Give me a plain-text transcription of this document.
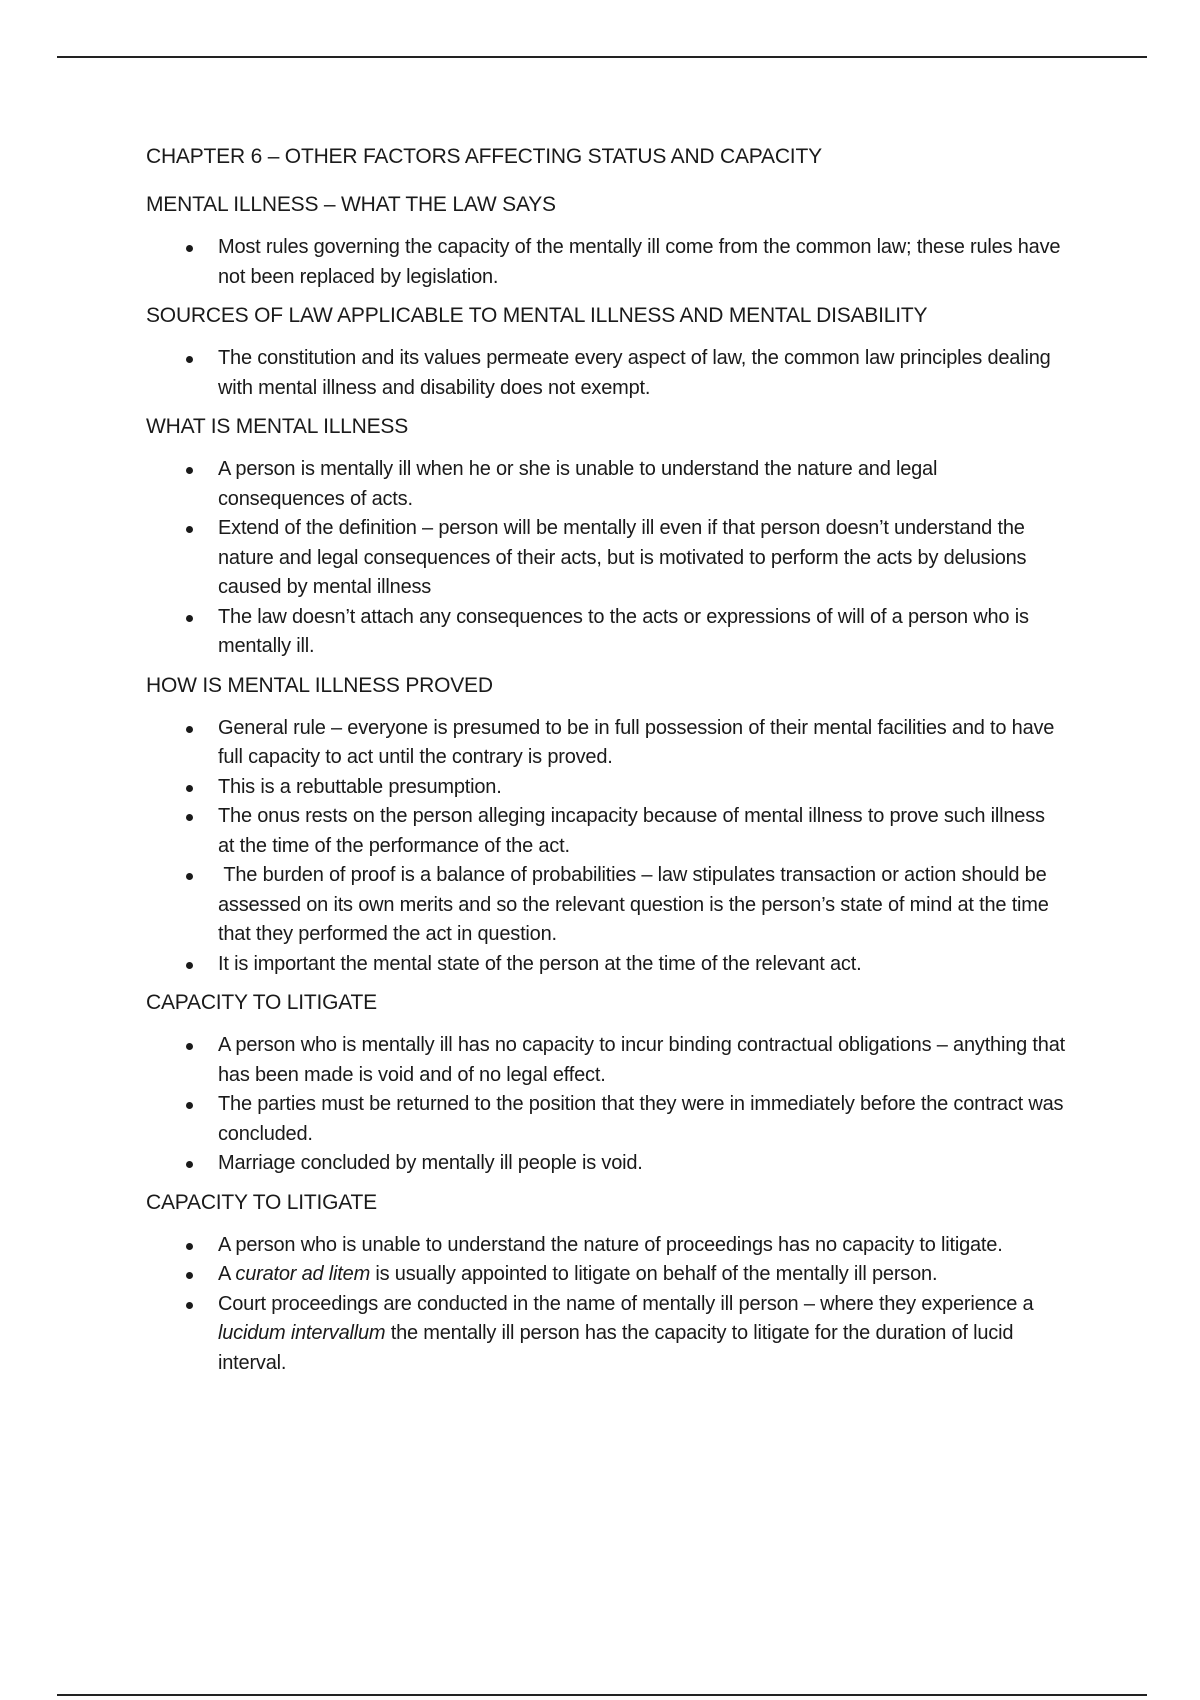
CHAPTER 6 – OTHER FACTORS AFFECTING STATUS AND CAPACITY
MENTAL ILLNESS – WHAT THE LAW SAYS
Most rules governing the capacity of the mentally ill come from the common law; these rules have not been replaced by legislation.
SOURCES OF LAW APPLICABLE TO MENTAL ILLNESS AND MENTAL DISABILITY
The constitution and its values permeate every aspect of law, the common law principles dealing with mental illness and disability does not exempt.
WHAT IS MENTAL ILLNESS
A person is mentally ill when he or she is unable to understand the nature and legal consequences of acts.
Extend of the definition – person will be mentally ill even if that person doesn’t understand the nature and legal consequences of their acts, but is motivated to perform the acts by delusions caused by mental illness
The law doesn’t attach any consequences to the acts or expressions of will of a person who is mentally ill.
HOW IS MENTAL ILLNESS PROVED
General rule – everyone is presumed to be in full possession of their mental facilities and to have full capacity to act until the contrary is proved.
This is a rebuttable presumption.
The onus rests on the person alleging incapacity because of mental illness to prove such illness at the time of the performance of the act.
The burden of proof is a balance of probabilities – law stipulates transaction or action should be assessed on its own merits and so the relevant question is the person’s state of mind at the time that they performed the act in question.
It is important the mental state of the person at the time of the relevant act.
CAPACITY TO LITIGATE
A person who is mentally ill has no capacity to incur binding contractual obligations – anything that has been made is void and of no legal effect.
The parties must be returned to the position that they were in immediately before the contract was concluded.
Marriage concluded by mentally ill people is void.
CAPACITY TO LITIGATE
A person who is unable to understand the nature of proceedings has no capacity to litigate.
A curator ad litem is usually appointed to litigate on behalf of the mentally ill person.
Court proceedings are conducted in the name of mentally ill person – where they experience a lucidum intervallum the mentally ill person has the capacity to litigate for the duration of lucid interval.
